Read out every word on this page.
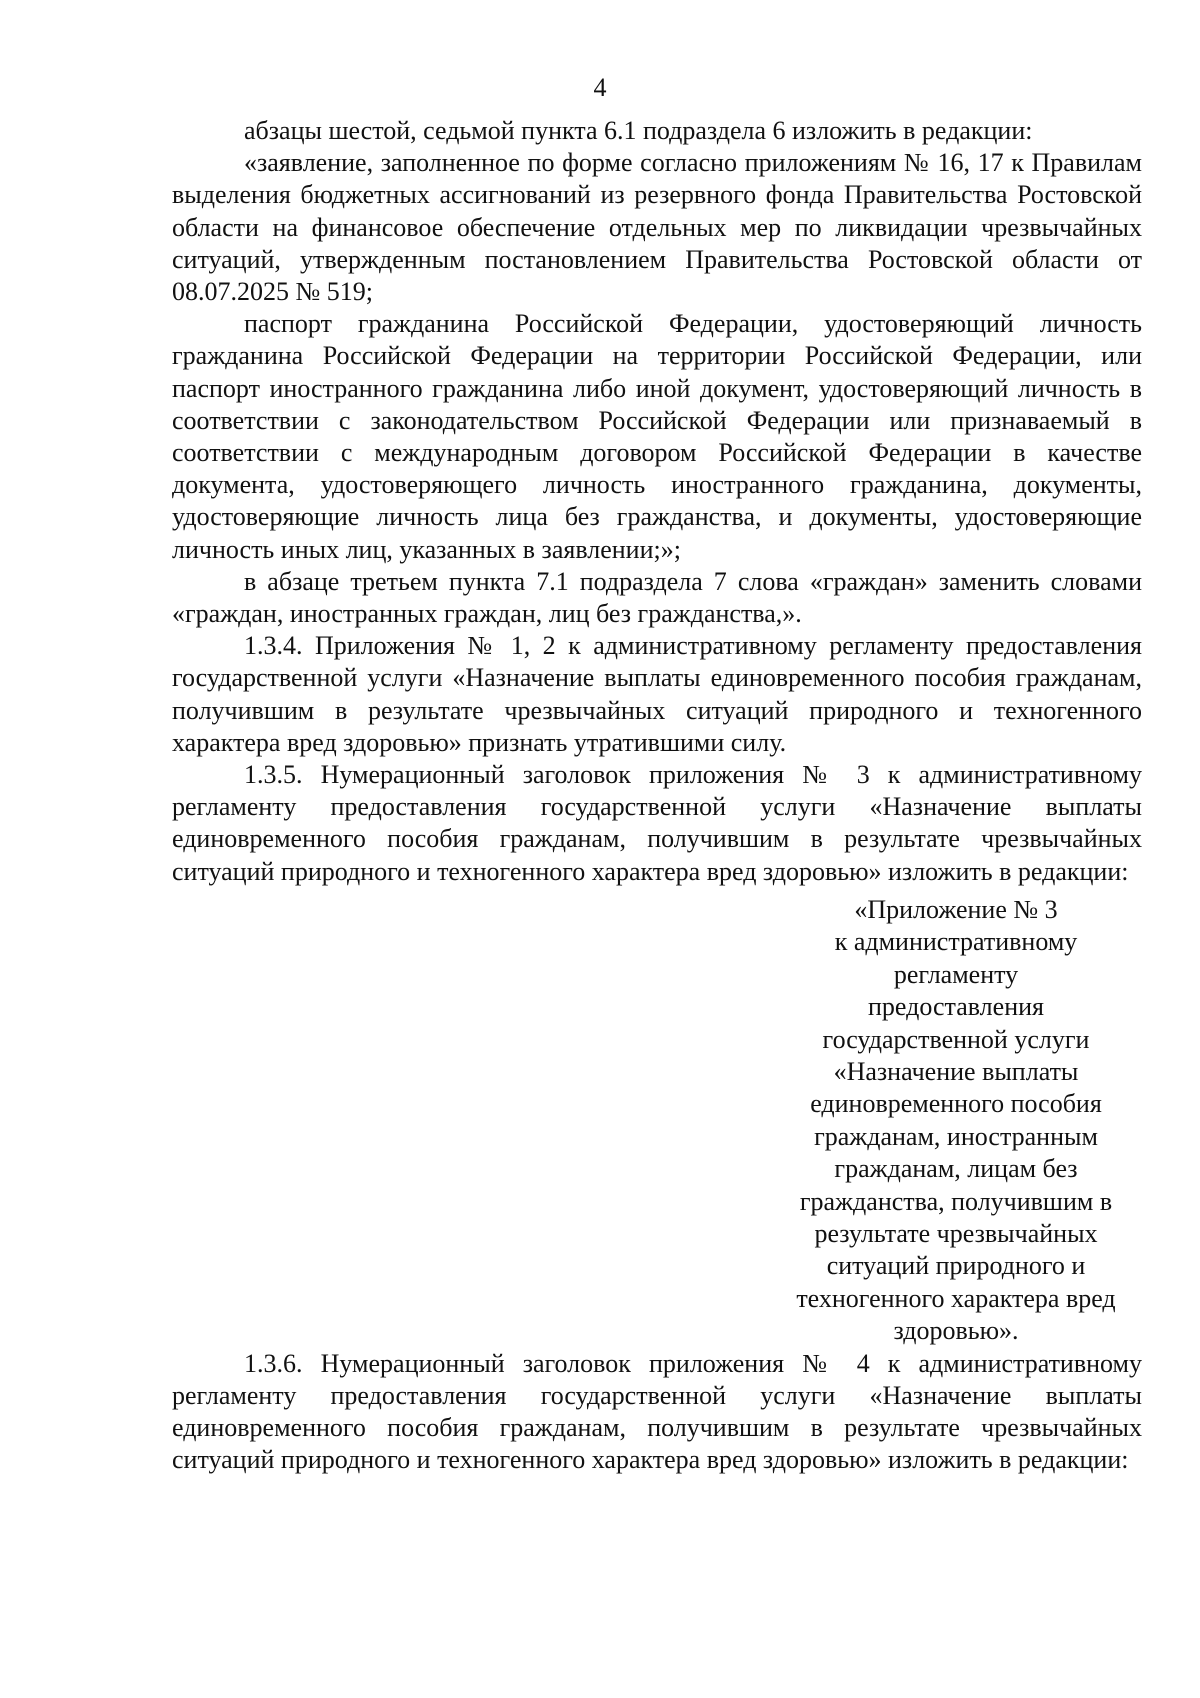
4

абзацы шестой, седьмой пункта 6.1 подраздела 6 изложить в редакции:

«заявление, заполненное по форме согласно приложениям № 16, 17 к Правилам выделения бюджетных ассигнований из резервного фонда Правительства Ростовской области на финансовое обеспечение отдельных мер по ликвидации чрезвычайных ситуаций, утвержденным постановлением Правительства Ростовской области от 08.07.2025 № 519;

паспорт гражданина Российской Федерации, удостоверяющий личность гражданина Российской Федерации на территории Российской Федерации, или паспорт иностранного гражданина либо иной документ, удостоверяющий личность в соответствии с законодательством Российской Федерации или признаваемый в соответствии с международным договором Российской Федерации в качестве документа, удостоверяющего личность иностранного гражданина, документы, удостоверяющие личность лица без гражданства, и документы, удостоверяющие личность иных лиц, указанных в заявлении;»;

в абзаце третьем пункта 7.1 подраздела 7 слова «граждан» заменить словами «граждан, иностранных граждан, лиц без гражданства,».

1.3.4. Приложения № 1, 2 к административному регламенту предоставления государственной услуги «Назначение выплаты единовременного пособия гражданам, получившим в результате чрезвычайных ситуаций природного и техногенного характера вред здоровью» признать утратившими силу.

1.3.5. Нумерационный заголовок приложения № 3 к административному регламенту предоставления государственной услуги «Назначение выплаты единовременного пособия гражданам, получившим в результате чрезвычайных ситуаций природного и техногенного характера вред здоровью» изложить в редакции:

«Приложение № 3
к административному
регламенту
предоставления
государственной услуги
«Назначение выплаты
единовременного пособия
гражданам, иностранным
гражданам, лицам без
гражданства, получившим в
результате чрезвычайных
ситуаций природного и
техногенного характера вред
здоровью».

1.3.6. Нумерационный заголовок приложения № 4 к административному регламенту предоставления государственной услуги «Назначение выплаты единовременного пособия гражданам, получившим в результате чрезвычайных ситуаций природного и техногенного характера вред здоровью» изложить в редакции:
